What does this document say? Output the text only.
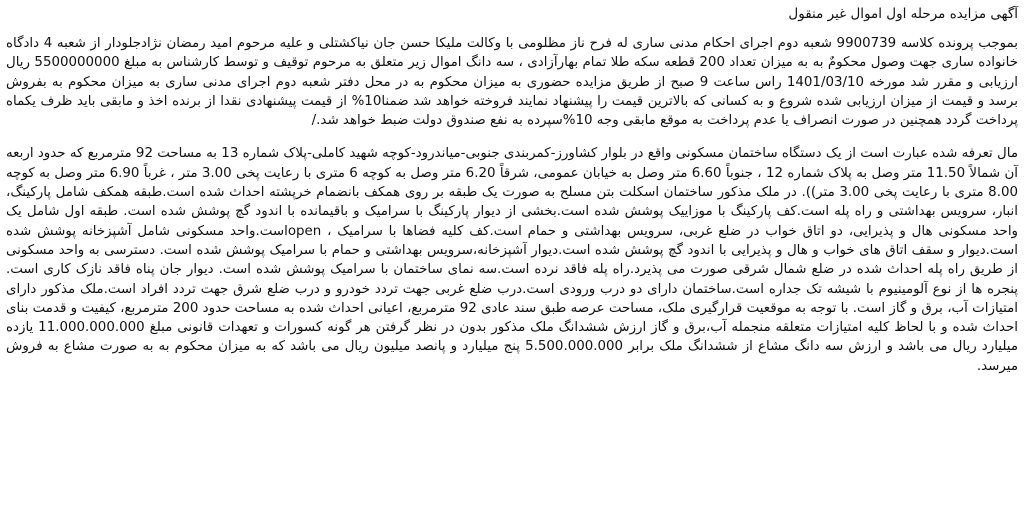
آگهی مزایده مرحله اول اموال غیر منقول

بموجب پرونده کلاسه 9900739 شعبه دوم اجرای احکام مدنی ساری له فرح ناز مظلومی با وکالت ملیکا حسن جان نیاکشتلی و علیه مرحوم امید رمضان نژادجلودار از شعبه 4 دادگاه خانواده ساری جهت وصول محکومٌ به به میزان تعداد 200 قطعه سکه طلا تمام بهارآزادی ، سه دانگ اموال زیر متعلق به مرحوم توقیف و توسط کارشناس به مبلغ 5500000000 ریال ارزیابی و مقرر شد مورخه 1401/03/10 راس ساعت 9 صبح از طریق مزایده حضوری به میزان محکوم به در محل دفتر شعبه دوم اجرای مدنی ساری به میزان محکوم به بفروش برسد و قیمت از میزان ارزیابی شده شروع و به کسانی که بالاترین قیمت را پیشنهاد نمایند فروخته خواهد شد ضمنا10% از قیمت پیشنهادی نقدا از برنده اخذ و مابقی باید ظرف یکماه پرداخت گردد همچنین در صورت انصراف یا عدم پرداخت به موقع مابقی وجه 10%سپرده به نفع صندوق دولت ضبط خواهد شد./

مال تعرفه شده عبارت است از یک دستگاه ساختمان مسکونی واقع در بلوار کشاورز-کمربندی جنوبی-میاندرود-کوچه شهید کاملی-پلاک شماره 13 به مساحت 92 مترمربع که حدود اربعه آن شمالاً 11.50 متر وصل به پلاک شماره 12 ، جنوباً 6.60 متر وصل به خیابان عمومی، شرقاً 6.20 متر وصل به کوچه 6 متری با رعایت پخی 3.00 متر ، غرباً 6.90 متر وصل به کوچه 8.00 متری با رعایت پخی 3.00 متر)). در ملک مذکور ساختمان اسکلت بتن مسلح به صورت یک طبقه بر روی همکف بانضمام خرپشته احداث شده است.طبقه همکف شامل پارکینگ، انبار، سرویس بهداشتی و راه پله است.کف پارکینگ با موزاییک پوشش شده است.بخشی از دیوار پارکینگ با سرامیک و باقیمانده با اندود گچ پوشش شده است. طبقه اول شامل یک واحد مسکونی هال و پذیرایی، دو اتاق خواب در ضلع غربی، سرویس بهداشتی و حمام است.کف کلیه فضاها با سرامیک ، openاست.واحد مسکونی شامل آشپزخانه پوشش شده است.دیوار و سقف اتاق های خواب و هال و پذیرایی با اندود گچ پوشش شده است.دیوار آشپزخانه،سرویس بهداشتی و حمام با سرامیک پوشش شده است. دسترسی به واحد مسکونی از طریق راه پله احداث شده در ضلع شمال شرقی صورت می پذیرد.راه پله فاقد نرده است.سه نمای ساختمان با سرامیک پوشش شده است. دیوار جان پناه فاقد نازک کاری است. پنجره ها از نوع آلومینیوم با شیشه تک جداره است.ساختمان دارای دو درب ورودی است.درب ضلع غربی جهت تردد خودرو و درب ضلع شرق جهت تردد افراد است.ملک مذکور دارای امتیازات آب، برق و گاز است. با توجه به موقعیت قرارگیری ملک، مساحت عرصه طبق سند عادی 92 مترمربع، اعیانی احداث شده به مساحت حدود 200 مترمربع، کیفیت و قدمت بنای احداث شده و با لحاظ کلیه امتیازات متعلقه منجمله آب،برق و گاز ارزش ششدانگ ملک مذکور بدون در نظر گرفتن هر گونه کسورات و تعهدات قانونی مبلغ 11.000.000.000 یازده میلیارد ریال می باشد و ارزش سه دانگ مشاع از ششدانگ ملک برابر 5.500.000.000 پنج میلیارد و پانصد میلیون ریال می باشد که به میزان محکوم به به صورت مشاع به فروش میرسد.
